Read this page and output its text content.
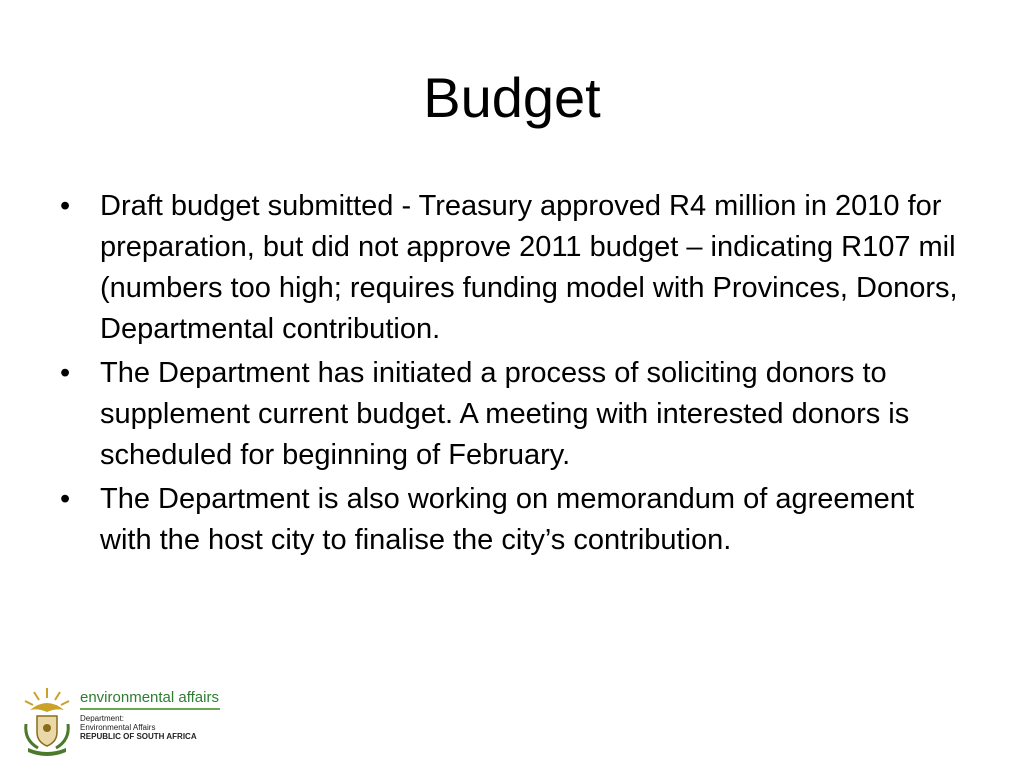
Budget
•	Draft budget submitted - Treasury approved R4 million in 2010 for preparation, but did not approve 2011 budget – indicating R107 mil (numbers too high; requires funding model with Provinces, Donors, Departmental contribution.
•	The Department has initiated a process of soliciting donors to supplement current budget. A meeting with interested donors is scheduled for beginning of February.
•	The Department is also working on memorandum of agreement with the host city to finalise the city’s contribution.
environmental affairs
Department:
Environmental Affairs
REPUBLIC OF SOUTH AFRICA
